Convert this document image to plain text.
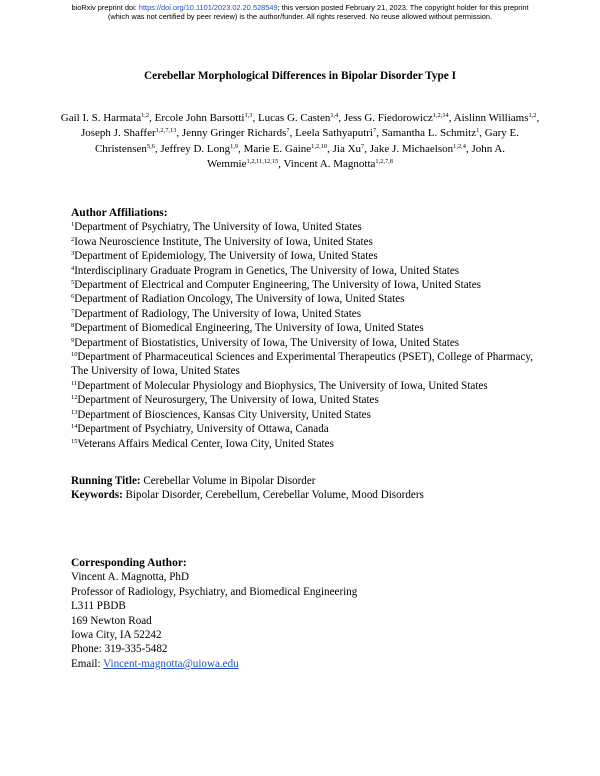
bioRxiv preprint doi: https://doi.org/10.1101/2023.02.20.528549; this version posted February 21, 2023. The copyright holder for this preprint
(which was not certified by peer review) is the author/funder. All rights reserved. No reuse allowed without permission.
Cerebellar Morphological Differences in Bipolar Disorder Type I
Gail I. S. Harmata$^{1,2}$, Ercole John Barsotti$^{1,3}$, Lucas G. Casten$^{1,4}$, Jess G. Fiedorowicz$^{1,2,14}$, Aislinn Williams$^{1,2}$, Joseph J. Shaffer$^{1,2,7,13}$, Jenny Gringer Richards$^7$, Leela Sathyaputri$^7$, Samantha L. Schmitz$^1$, Gary E. Christensen$^{5,6}$, Jeffrey D. Long$^{1,9}$, Marie E. Gaine$^{1,2,10}$, Jia Xu$^7$, Jake J. Michaelson$^{1,2,4}$, John A. Wemmie$^{1,2,11,12,15}$, Vincent A. Magnotta$^{1,2,7,8}$
Author Affiliations:
$^1$Department of Psychiatry, The University of Iowa, United States
$^2$Iowa Neuroscience Institute, The University of Iowa, United States
$^3$Department of Epidemiology, The University of Iowa, United States
$^4$Interdisciplinary Graduate Program in Genetics, The University of Iowa, United States
$^5$Department of Electrical and Computer Engineering, The University of Iowa, United States
$^6$Department of Radiation Oncology, The University of Iowa, United States
$^7$Department of Radiology, The University of Iowa, United States
$^8$Department of Biomedical Engineering, The University of Iowa, United States
$^9$Department of Biostatistics, University of Iowa, The University of Iowa, United States
$^{10}$Department of Pharmaceutical Sciences and Experimental Therapeutics (PSET), College of Pharmacy, The University of Iowa, United States
$^{11}$Department of Molecular Physiology and Biophysics, The University of Iowa, United States
$^{12}$Department of Neurosurgery, The University of Iowa, United States
$^{13}$Department of Biosciences, Kansas City University, United States
$^{14}$Department of Psychiatry, University of Ottawa, Canada
$^{15}$Veterans Affairs Medical Center, Iowa City, United States
Running Title: Cerebellar Volume in Bipolar Disorder
Keywords: Bipolar Disorder, Cerebellum, Cerebellar Volume, Mood Disorders
Corresponding Author:
Vincent A. Magnotta, PhD
Professor of Radiology, Psychiatry, and Biomedical Engineering
L311 PBDB
169 Newton Road
Iowa City, IA 52242
Phone: 319-335-5482
Email: Vincent-magnotta@uiowa.edu
